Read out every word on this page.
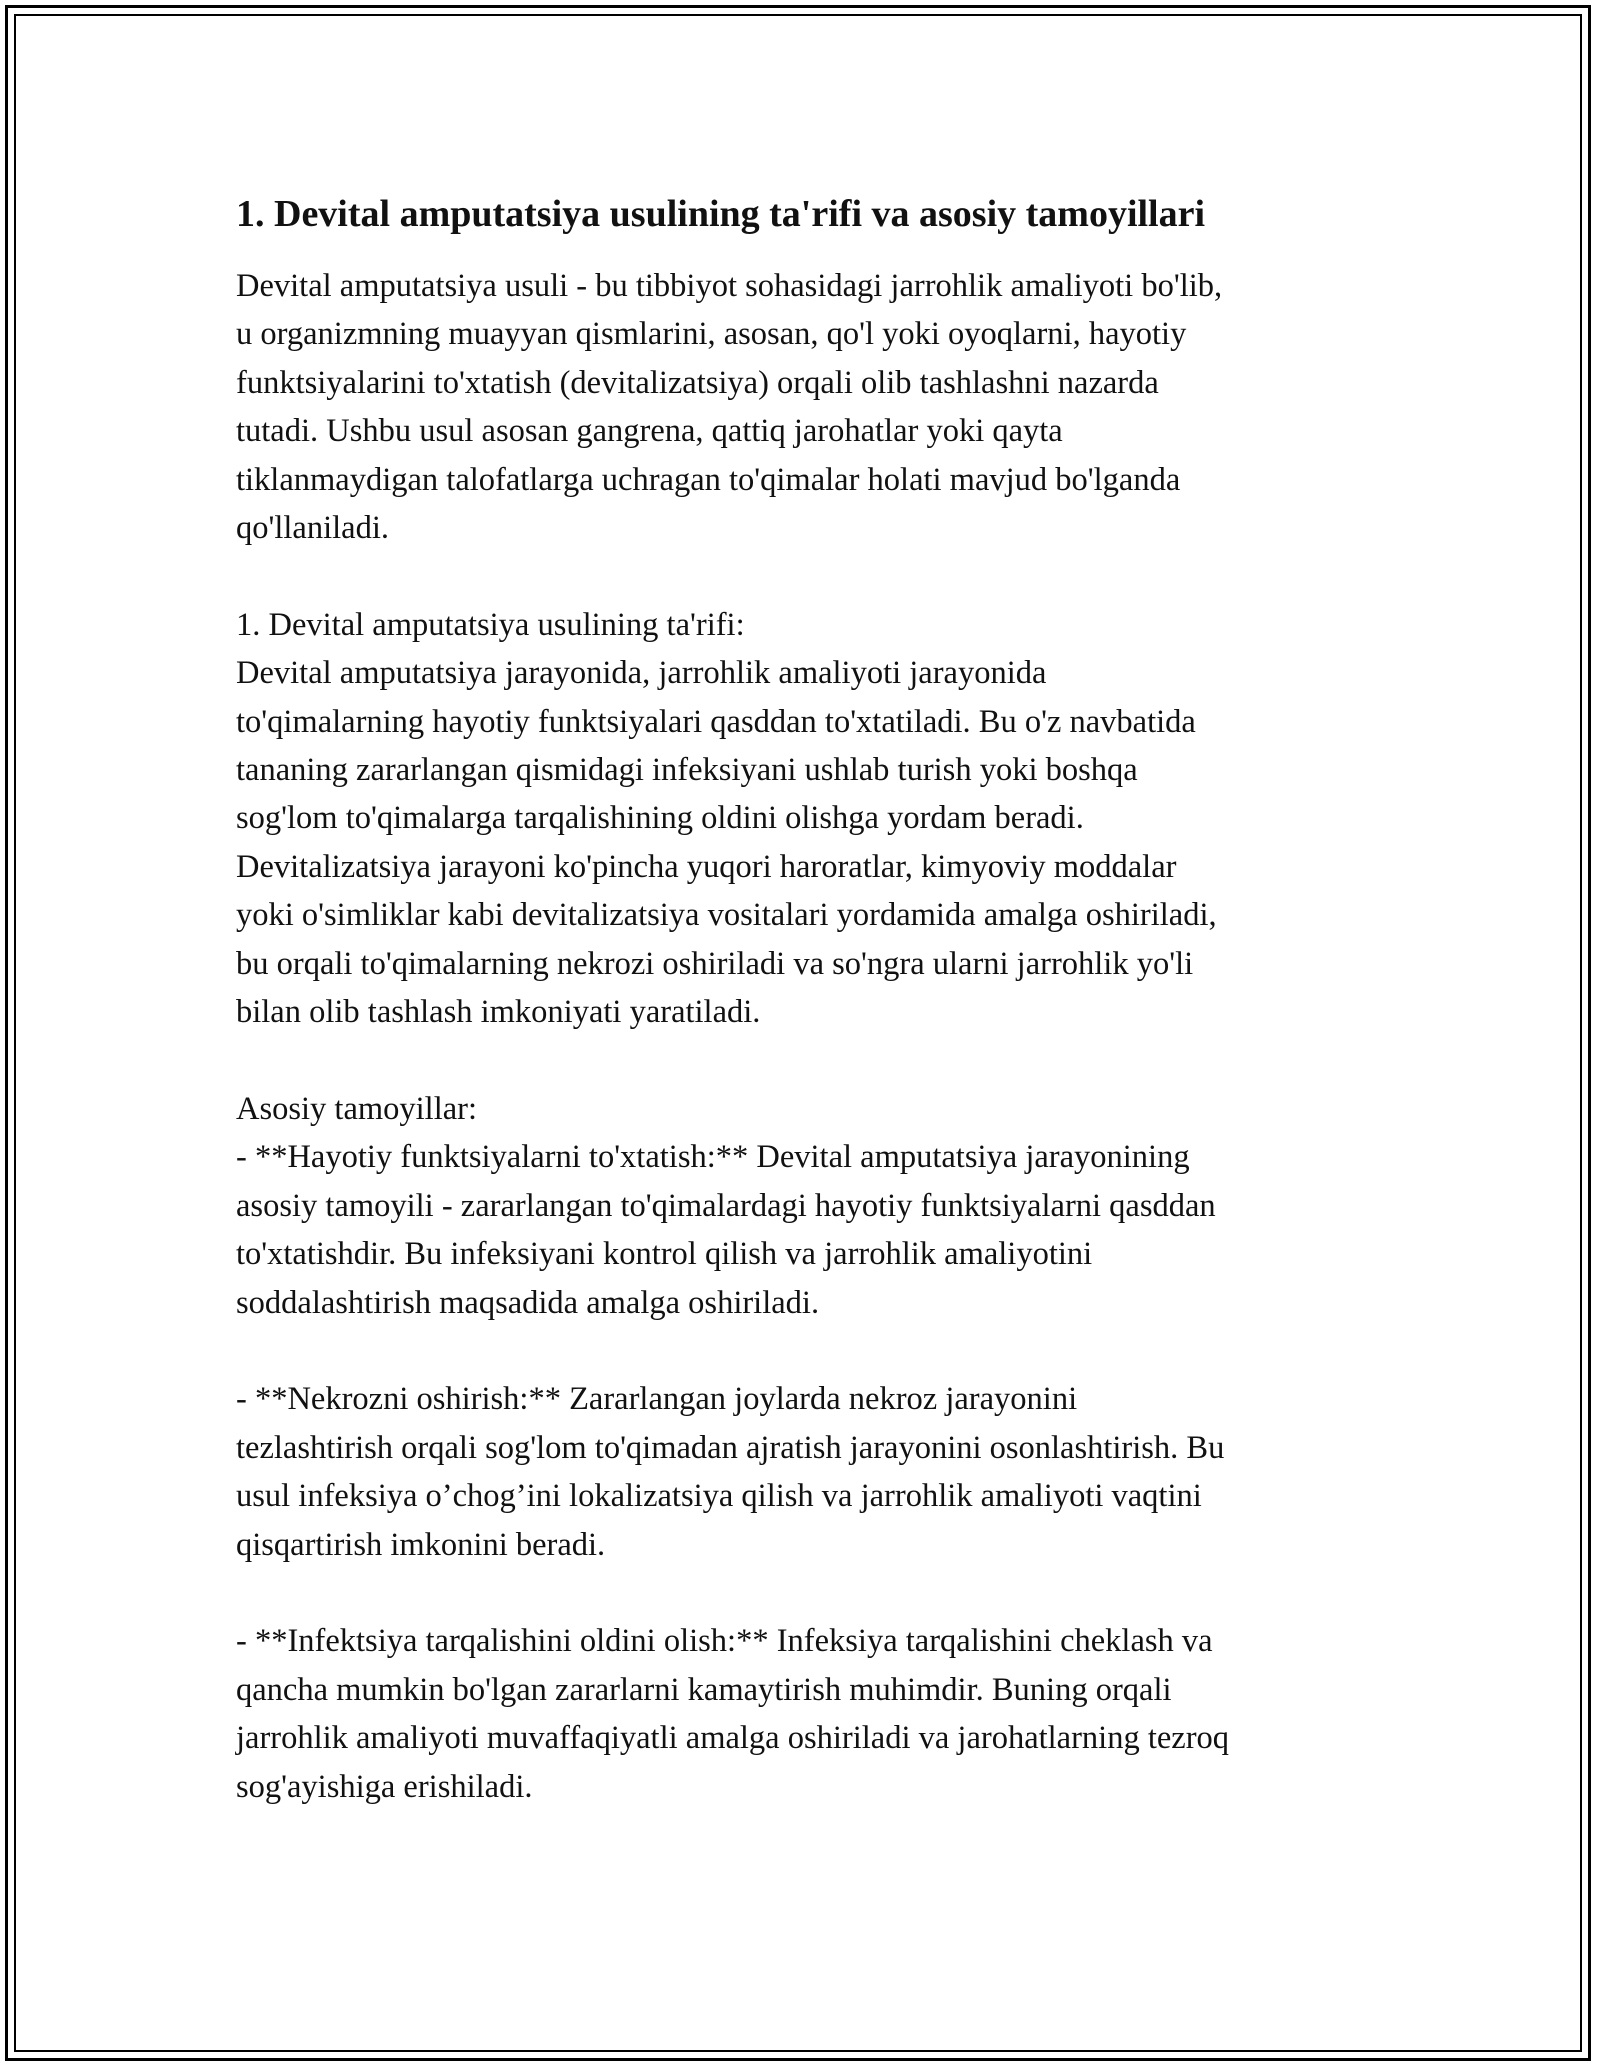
1. Devital amputatsiya usulining ta'rifi va asosiy tamoyillari

Devital amputatsiya usuli - bu tibbiyot sohasidagi jarrohlik amaliyoti bo'lib,
u organizmning muayyan qismlarini, asosan, qo'l yoki oyoqlarni, hayotiy
funktsiyalarini to'xtatish (devitalizatsiya) orqali olib tashlashni nazarda
tutadi. Ushbu usul asosan gangrena, qattiq jarohatlar yoki qayta
tiklanmaydigan talofatlarga uchragan to'qimalar holati mavjud bo'lganda
qo'llaniladi.

1. Devital amputatsiya usulining ta'rifi:
Devital amputatsiya jarayonida, jarrohlik amaliyoti jarayonida
to'qimalarning hayotiy funktsiyalari qasddan to'xtatiladi. Bu o'z navbatida
tananing zararlangan qismidagi infeksiyani ushlab turish yoki boshqa
sog'lom to'qimalarga tarqalishining oldini olishga yordam beradi.
Devitalizatsiya jarayoni ko'pincha yuqori haroratlar, kimyoviy moddalar
yoki o'simliklar kabi devitalizatsiya vositalari yordamida amalga oshiriladi,
bu orqali to'qimalarning nekrozi oshiriladi va so'ngra ularni jarrohlik yo'li
bilan olib tashlash imkoniyati yaratiladi.

Asosiy tamoyillar:
- **Hayotiy funktsiyalarni to'xtatish:** Devital amputatsiya jarayonining
asosiy tamoyili - zararlangan to'qimalardagi hayotiy funktsiyalarni qasddan
to'xtatishdir. Bu infeksiyani kontrol qilish va jarrohlik amaliyotini
soddalashtirish maqsadida amalga oshiriladi.

- **Nekrozni oshirish:** Zararlangan joylarda nekroz jarayonini
tezlashtirish orqali sog'lom to'qimadan ajratish jarayonini osonlashtirish. Bu
usul infeksiya o’chog’ini lokalizatsiya qilish va jarrohlik amaliyoti vaqtini
qisqartirish imkonini beradi.

- **Infektsiya tarqalishini oldini olish:** Infeksiya tarqalishini cheklash va
qancha mumkin bo'lgan zararlarni kamaytirish muhimdir. Buning orqali
jarrohlik amaliyoti muvaffaqiyatli amalga oshiriladi va jarohatlarning tezroq
sog'ayishiga erishiladi.
